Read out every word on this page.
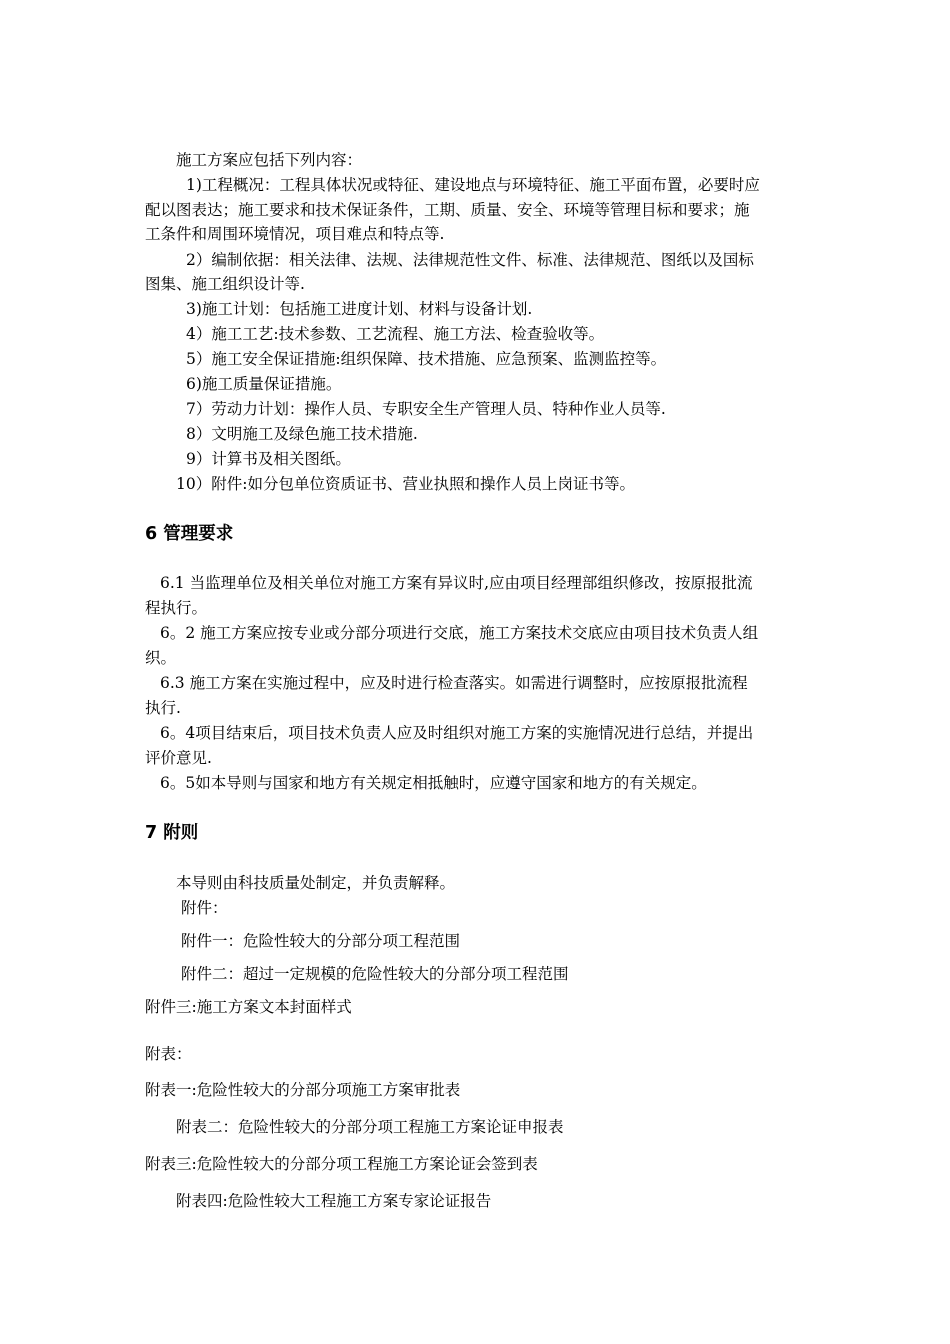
施工方案应包括下列内容：

1)工程概况：工程具体状况或特征、建设地点与环境特征、施工平面布置，必要时应

配以图表达；施工要求和技术保证条件，工期、质量、安全、环境等管理目标和要求；施

工条件和周围环境情况，项目难点和特点等.

2）编制依据：相关法律、法规、法律规范性文件、标准、法律规范、图纸以及国标

图集、施工组织设计等.

3)施工计划：包括施工进度计划、材料与设备计划.

4）施工工艺:技术参数、工艺流程、施工方法、检查验收等。

5）施工安全保证措施:组织保障、技术措施、应急预案、监测监控等。

6)施工质量保证措施。

7）劳动力计划：操作人员、专职安全生产管理人员、特种作业人员等.

8）文明施工及绿色施工技术措施.

9）计算书及相关图纸。

10）附件:如分包单位资质证书、营业执照和操作人员上岗证书等。

6 管理要求

6.1 当监理单位及相关单位对施工方案有异议时,应由项目经理部组织修改，按原报批流

程执行。

6。2 施工方案应按专业或分部分项进行交底，施工方案技术交底应由项目技术负责人组

织。

6.3 施工方案在实施过程中，应及时进行检查落实。如需进行调整时，应按原报批流程

执行.

6。4项目结束后，项目技术负责人应及时组织对施工方案的实施情况进行总结，并提出

评价意见.

6。5如本导则与国家和地方有关规定相抵触时，应遵守国家和地方的有关规定。

7 附则

本导则由科技质量处制定，并负责解释。

附件：

附件一：危险性较大的分部分项工程范围

附件二：超过一定规模的危险性较大的分部分项工程范围

附件三:施工方案文本封面样式

附表：

附表一:危险性较大的分部分项施工方案审批表

附表二：危险性较大的分部分项工程施工方案论证申报表

附表三:危险性较大的分部分项工程施工方案论证会签到表

附表四:危险性较大工程施工方案专家论证报告
